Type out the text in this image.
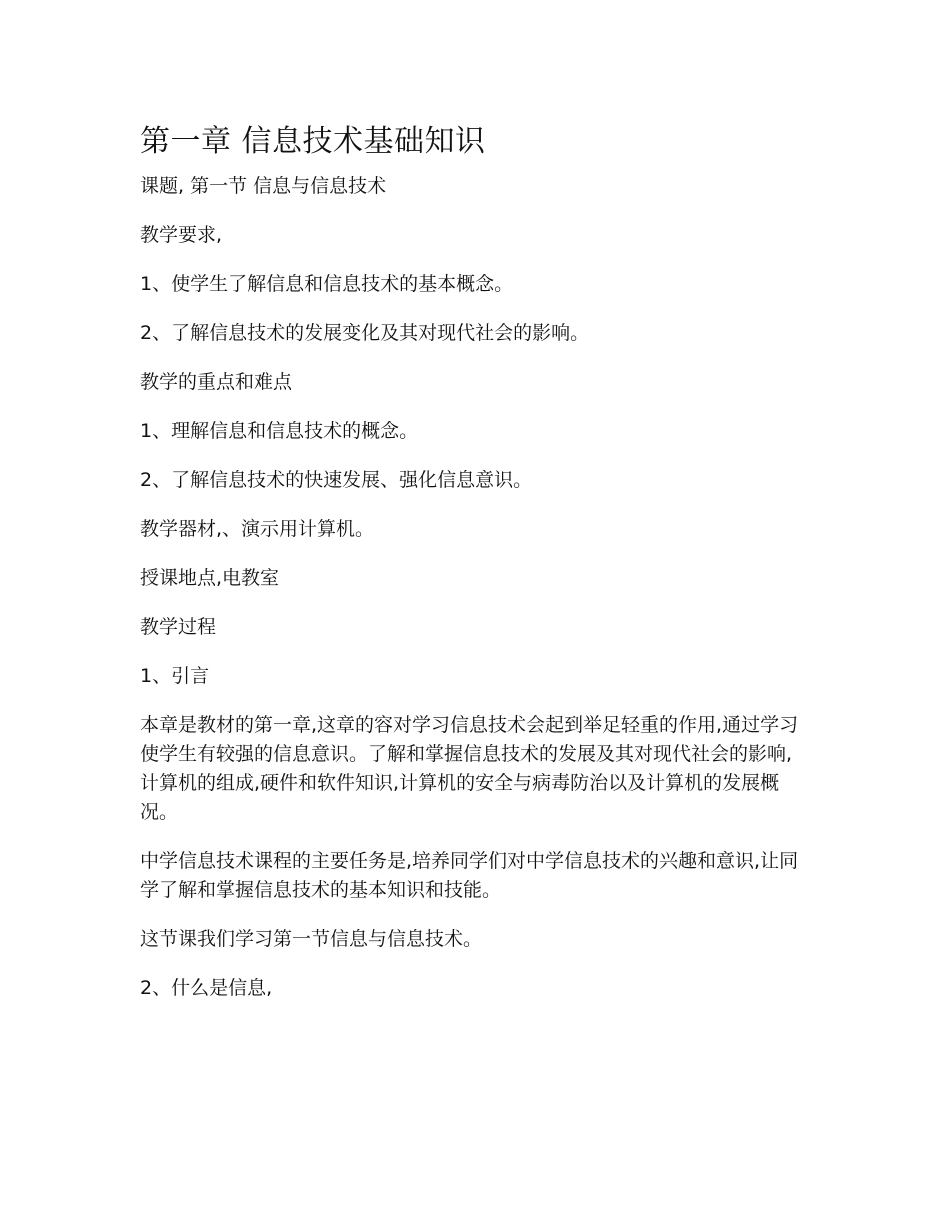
第一章 信息技术基础知识

课题, 第一节 信息与信息技术

教学要求,

1、使学生了解信息和信息技术的基本概念。

2、了解信息技术的发展变化及其对现代社会的影响。

教学的重点和难点

1、理解信息和信息技术的概念。

2、了解信息技术的快速发展、强化信息意识。

教学器材,、演示用计算机。

授课地点,电教室

教学过程

1、引言

本章是教材的第一章,这章的容对学习信息技术会起到举足轻重的作用,通过学习使学生有较强的信息意识。了解和掌握信息技术的发展及其对现代社会的影响,计算机的组成,硬件和软件知识,计算机的安全与病毒防治以及计算机的发展概况。

中学信息技术课程的主要任务是,培养同学们对中学信息技术的兴趣和意识,让同学了解和掌握信息技术的基本知识和技能。

这节课我们学习第一节信息与信息技术。

2、什么是信息,
